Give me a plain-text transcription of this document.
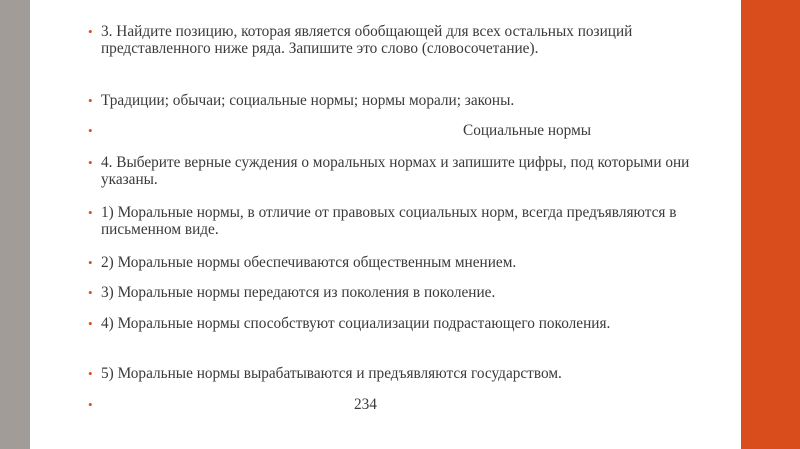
• 3. Найдите позицию, которая является обобщающей для всех остальных позиций представленного ниже ряда. Запишите это слово (словосочетание).
• Традиции; обычаи; социальные нормы; нормы морали; законы.
•	Социальные нормы
• 4. Выберите верные суждения о моральных нормах и запишите цифры, под которыми они указаны.
• 1) Моральные нормы, в отличие от правовых социальных норм, всегда предъявляются в письменном виде.
• 2) Моральные нормы обеспечиваются общественным мнением.
• 3) Моральные нормы передаются из поколения в поколение.
• 4) Моральные нормы способствуют социализации подрастающего поколения.
• 5) Моральные нормы вырабатываются и предъявляются государством.
•	234
